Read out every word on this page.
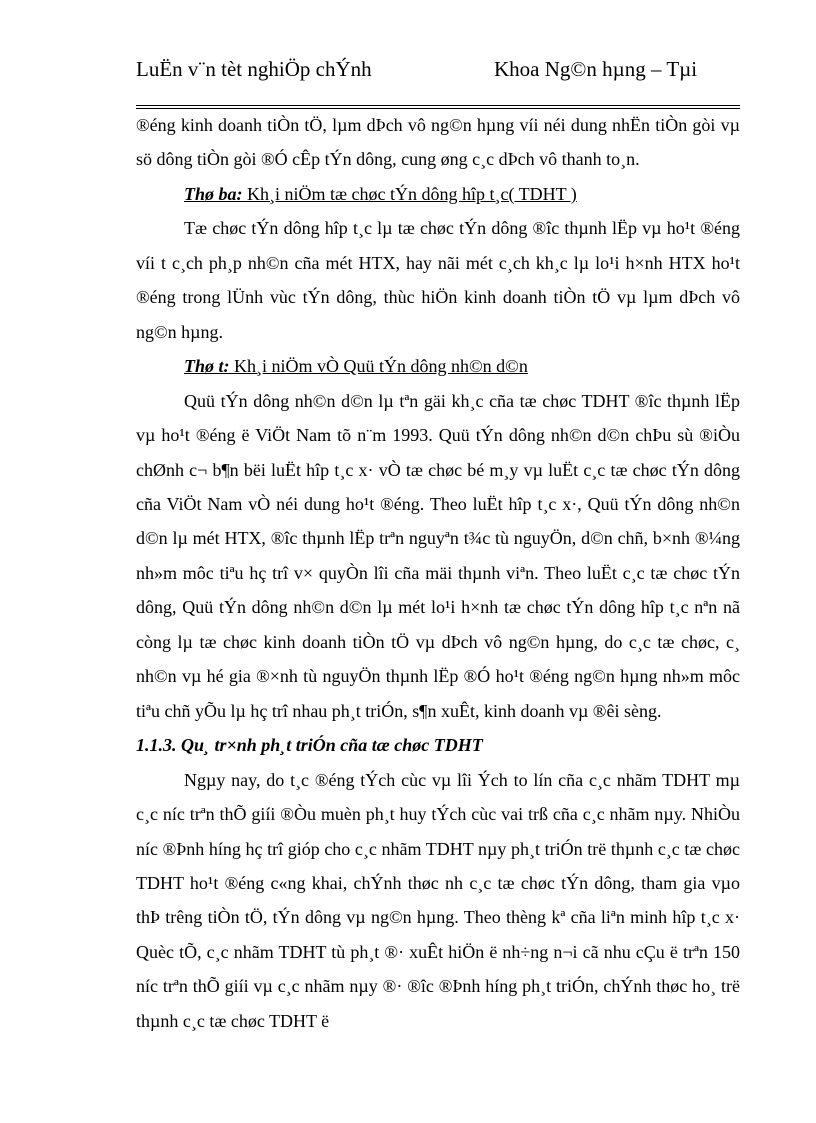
LuËn v¨n tèt nghiÖp chÝnh	Khoa Ng©n hµng – Tµi

®éng kinh doanh tiÒn tÖ, lµm dÞch vô ng©n hµng víi néi dung nhËn tiÒn gòi vµ sö dông tiÒn gòi ®Ó cÊp tÝn dông, cung øng c¸c dÞch vô thanh to¸n.

Thø ba: Kh¸i niÖm tæ chøc tÝn dông hîp t¸c( TDHT )

Tæ chøc tÝn dông hîp t¸c lµ tæ chøc tÝn dông ®îc thµnh lËp vµ ho¹t ®éng víi t c¸ch ph¸p nh©n cña mét HTX, hay nãi mét c¸ch kh¸c lµ lo¹i h×nh HTX ho¹t ®éng trong lÜnh vùc tÝn dông, thùc hiÖn kinh doanh tiÒn tÖ vµ lµm dÞch vô ng©n hµng.

Thø t: Kh¸i niÖm vÒ Quü tÝn dông nh©n d©n

Quü tÝn dông nh©n d©n lµ tªn gäi kh¸c cña tæ chøc TDHT ®îc thµnh lËp vµ ho¹t ®éng ë ViÖt Nam tõ n¨m 1993. Quü tÝn dông nh©n d©n chÞu sù ®iÒu chØnh c¬ b¶n bëi luËt hîp t¸c x· vÒ tæ chøc bé m¸y vµ luËt c¸c tæ chøc tÝn dông cña ViÖt Nam vÒ néi dung ho¹t ®éng. Theo luËt hîp t¸c x·, Quü tÝn dông nh©n d©n lµ mét HTX, ®îc thµnh lËp trªn nguyªn t¾c tù nguyÖn, d©n chñ, b×nh ®¼ng nh»m môc tiªu hç trî v× quyÒn lîi cña mäi thµnh viªn. Theo luËt c¸c tæ chøc tÝn dông, Quü tÝn dông nh©n d©n lµ mét lo¹i h×nh tæ chøc tÝn dông hîp t¸c nªn nã còng lµ tæ chøc kinh doanh tiÒn tÖ vµ dÞch vô ng©n hµng, do c¸c tæ chøc, c¸ nh©n vµ hé gia ®×nh tù nguyÖn thµnh lËp ®Ó ho¹t ®éng ng©n hµng nh»m môc tiªu chñ yÕu lµ hç trî nhau ph¸t triÓn, s¶n xuÊt, kinh doanh vµ ®êi sèng.

1.1.3. Qu¸ tr×nh ph¸t triÓn cña tæ chøc TDHT

Ngµy nay, do t¸c ®éng tÝch cùc vµ lîi Ých to lín cña c¸c nhãm TDHT mµ c¸c níc trªn thÕ giíi ®Òu muèn ph¸t huy tÝch cùc vai trß cña c¸c nhãm nµy. NhiÒu níc ®Þnh híng hç trî gióp cho c¸c nhãm TDHT nµy ph¸t triÓn trë thµnh c¸c tæ chøc TDHT ho¹t ®éng c«ng khai, chÝnh thøc nh c¸c tæ chøc tÝn dông, tham gia vµo thÞ trêng tiÒn tÖ, tÝn dông vµ ng©n hµng. Theo thèng kª cña liªn minh hîp t¸c x· Quèc tÕ, c¸c nhãm TDHT tù ph¸t ®· xuÊt hiÖn ë nh÷ng n¬i cã nhu cÇu ë trªn 150 níc trªn thÕ giíi vµ c¸c nhãm nµy ®· ®îc ®Þnh híng ph¸t triÓn, chÝnh thøc ho¸ trë thµnh c¸c tæ chøc TDHT ë
